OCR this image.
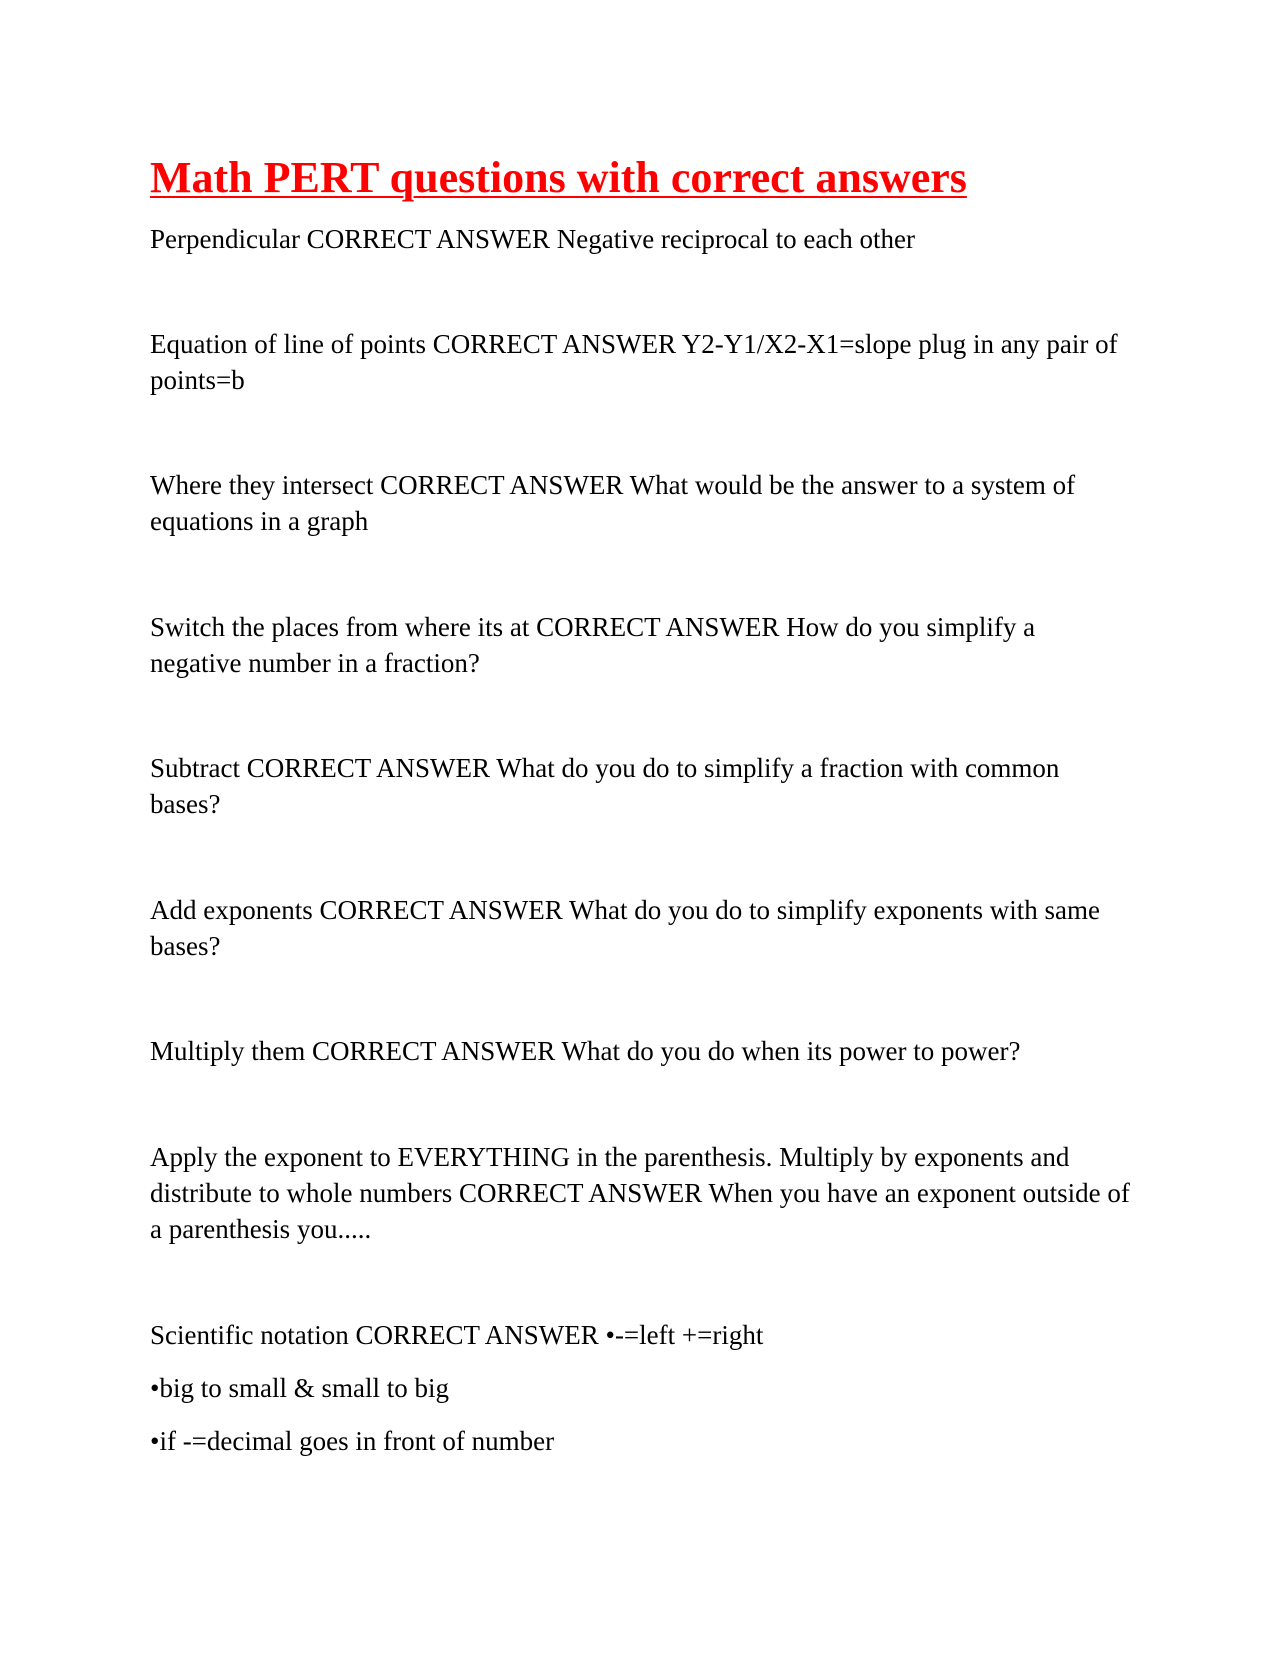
Math PERT questions with correct answers

Perpendicular CORRECT ANSWER Negative reciprocal to each other

Equation of line of points CORRECT ANSWER Y2-Y1/X2-X1=slope plug in any pair of points=b

Where they intersect CORRECT ANSWER What would be the answer to a system of equations in a graph

Switch the places from where its at CORRECT ANSWER How do you simplify a negative number in a fraction?

Subtract CORRECT ANSWER What do you do to simplify a fraction with common bases?

Add exponents CORRECT ANSWER What do you do to simplify exponents with same bases?

Multiply them CORRECT ANSWER What do you do when its power to power?

Apply the exponent to EVERYTHING in the parenthesis. Multiply by exponents and distribute to whole numbers CORRECT ANSWER When you have an exponent outside of a parenthesis you.....

Scientific notation CORRECT ANSWER •-=left +=right

•big to small & small to big

•if -=decimal goes in front of number
